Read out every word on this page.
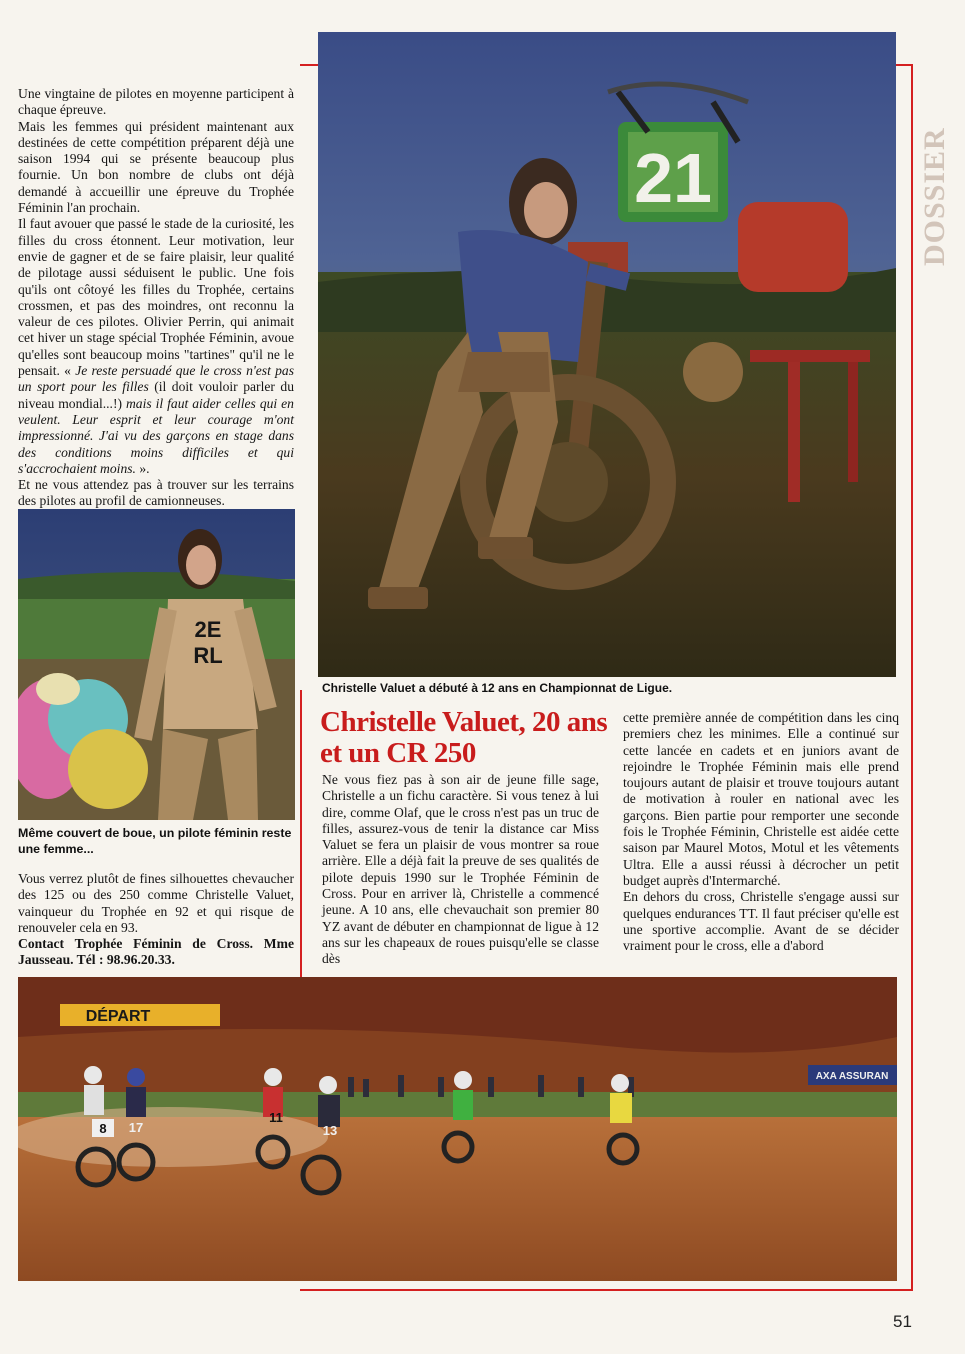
DOSSIER

Une vingtaine de pilotes en moyenne participent à chaque épreuve.

Mais les femmes qui président maintenant aux destinées de cette compétition préparent déjà une saison 1994 qui se présente beaucoup plus fournie. Un bon nombre de clubs ont déjà demandé à accueillir une épreuve du Trophée Féminin l'an prochain.

Il faut avouer que passé le stade de la curiosité, les filles du cross étonnent. Leur motivation, leur envie de gagner et de se faire plaisir, leur qualité de pilotage aussi séduisent le public. Une fois qu'ils ont côtoyé les filles du Trophée, certains crossmen, et pas des moindres, ont reconnu la valeur de ces pilotes. Olivier Perrin, qui animait cet hiver un stage spécial Trophée Féminin, avoue qu'elles sont beaucoup moins "tartines" qu'il ne le pensait. « Je reste persuadé que le cross n'est pas un sport pour les filles (il doit vouloir parler du niveau mondial...!) mais il faut aider celles qui en veulent. Leur esprit et leur courage m'ont impressionné. J'ai vu des garçons en stage dans des conditions moins difficiles et qui s'accrochaient moins. ».

Et ne vous attendez pas à trouver sur les terrains des pilotes au profil de camionneuses.

21
Christelle Valuet a débuté à 12 ans en Championnat de Ligue.
2E
RL
Même couvert de boue, un pilote féminin reste une femme...

Vous verrez plutôt de fines silhouettes chevaucher des 125 ou des 250 comme Christelle Valuet, vainqueur du Trophée en 92 et qui risque de renouveler cela en 93.

Contact Trophée Féminin de Cross. Mme Jausseau. Tél : 98.96.20.33.

Christelle Valuet, 20 ans et un CR 250

Ne vous fiez pas à son air de jeune fille sage, Christelle a un fichu caractère. Si vous tenez à lui dire, comme Olaf, que le cross n'est pas un truc de filles, assurez-vous de tenir la distance car Miss Valuet se fera un plaisir de vous montrer sa roue arrière. Elle a déjà fait la preuve de ses qualités de pilote depuis 1990 sur le Trophée Féminin de Cross. Pour en arriver là, Christelle a commencé jeune. A 10 ans, elle chevauchait son premier 80 YZ avant de débuter en championnat de ligue à 12 ans sur les chapeaux de roues puisqu'elle se classe dès

cette première année de compétition dans les cinq premiers chez les minimes. Elle a continué sur cette lancée en cadets et en juniors avant de rejoindre le Trophée Féminin mais elle prend toujours autant de plaisir et trouve toujours autant de motivation à rouler en national avec les garçons. Bien partie pour remporter une seconde fois le Trophée Féminin, Christelle est aidée cette saison par Maurel Motos, Motul et les vêtements Ultra. Elle a aussi réussi à décrocher un petit budget auprès d'Intermarché.

En dehors du cross, Christelle s'engage aussi sur quelques endurances TT. Il faut préciser qu'elle est une sportive accomplie. Avant de se décider vraiment pour le cross, elle a d'abord

DÉPART
AXA ASSURAN
8 17
11
13
51
